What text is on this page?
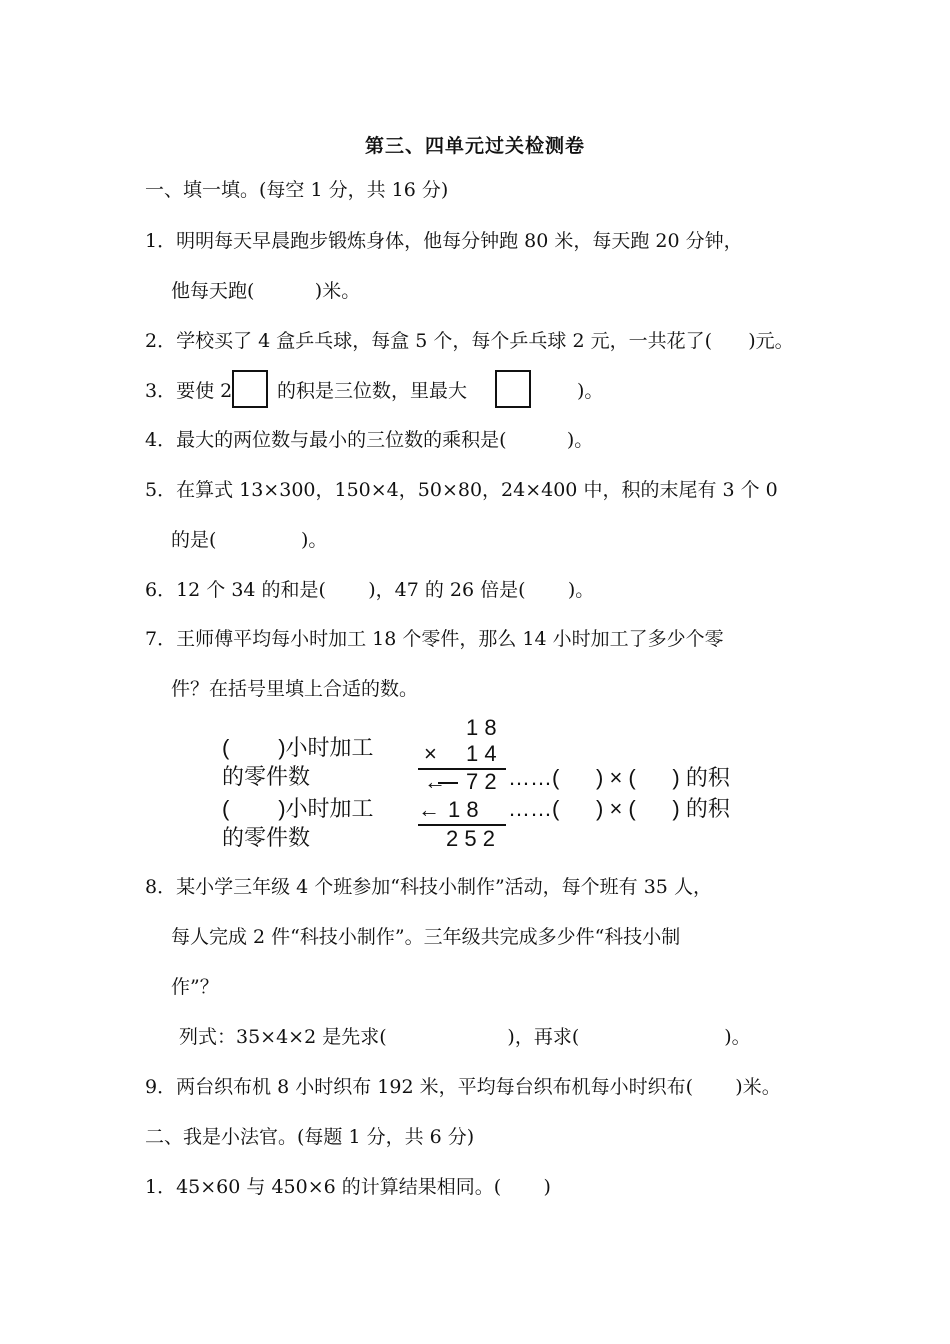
第三、四单元过关检测卷
一、填一填。(每空 1 分，共 16 分)
1．明明每天早晨跑步锻炼身体，他每分钟跑 80 米，每天跑 20 分钟，
他每天跑(          )米。
2．学校买了 4 盒乒乓球，每盒 5 个，每个乒乓球 2 元，一共花了(      )元。
3．要使 2 的积是三位数，里最大	)。
4．最大的两位数与最小的三位数的乘积是(          )。
5．在算式 13×300，150×4，50×80，24×400 中，积的末尾有 3 个 0
的是(              )。
6．12 个 34 的和是(       )，47 的 26 倍是(       )。
7．王师傅平均每小时加工 18 个零件，那么 14 小时加工了多少个零
件？在括号里填上合适的数。
(        )小时加工
的零件数
(        )小时加工
的零件数
1 8
× 1 4
← 7 2 ……(      ) × (      ) 的积
← 1 8 ……(      ) × (      ) 的积
2 5 2
8．某小学三年级 4 个班参加“科技小制作”活动，每个班有 35 人，
每人完成 2 件“科技小制作”。三年级共完成多少件“科技小制
作”？
列式：35×4×2 是先求(                    )，再求(                        )。
9．两台织布机 8 小时织布 192 米，平均每台织布机每小时织布(       )米。
二、我是小法官。(每题 1 分，共 6 分)
1．45×60 与 450×6 的计算结果相同。(       )
